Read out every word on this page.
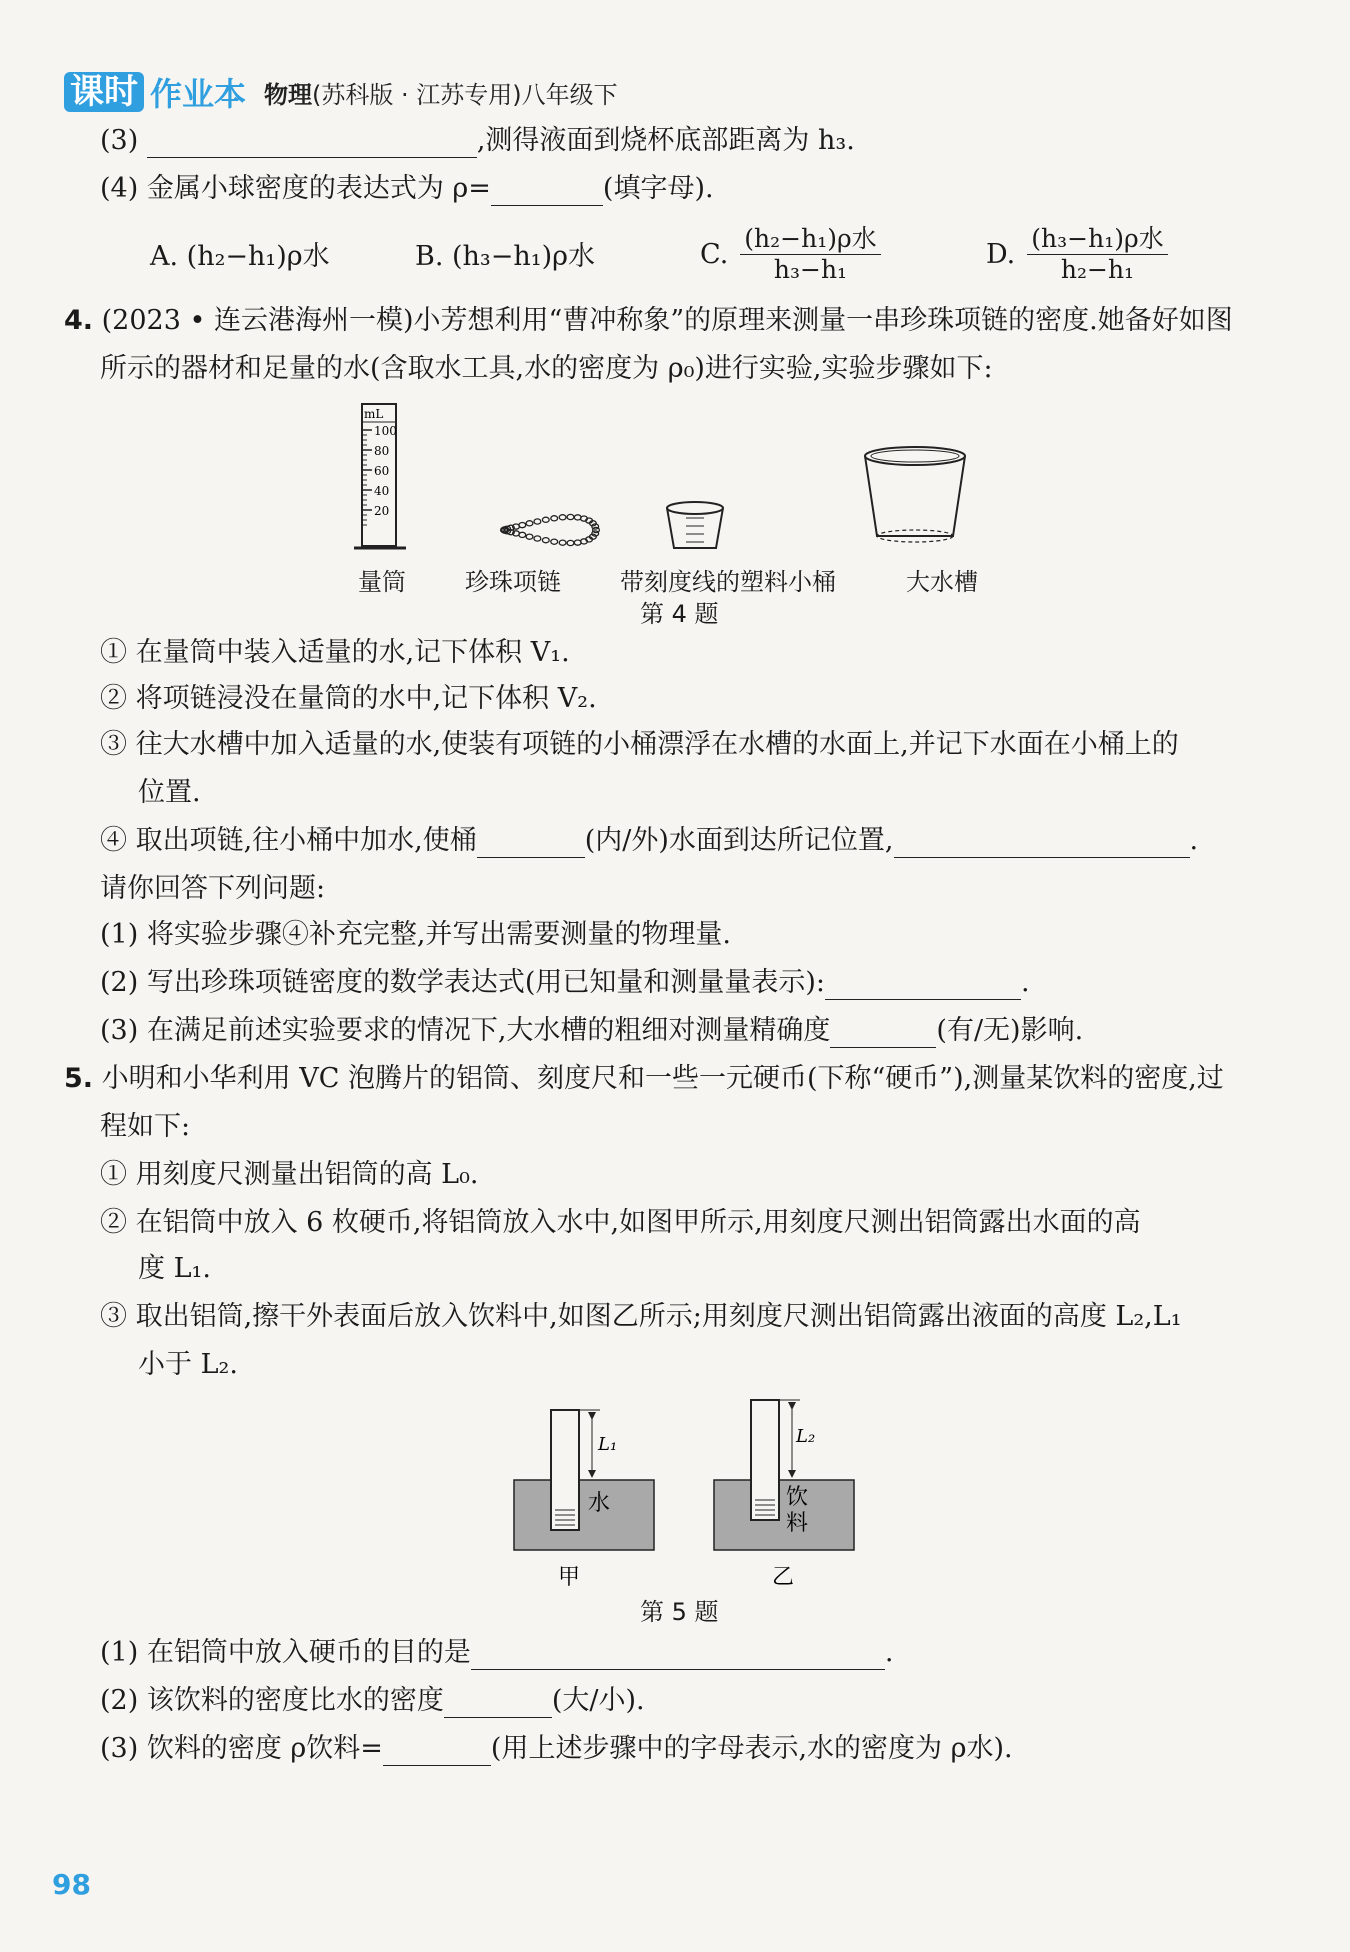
课时 作业本 物理(苏科版 · 江苏专用)八年级下
(3)	,测得液面到烧杯底部距离为 h₃.
(4) 金属小球密度的表达式为 ρ=	(填字母).
A. (h₂−h₁)ρ水	B. (h₃−h₁)ρ水	C. $\frac{\text{(h₂−h₁)ρ水}}{\text{h₃−h₁}}$	D. $\frac{\text{(h₃−h₁)ρ水}}{\text{h₂−h₁}}$
4. (2023 • 连云港海州一模)小芳想利用“曹冲称象”的原理来测量一串珍珠项链的密度.她备好如图
所示的器材和足量的水(含取水工具,水的密度为 ρ₀)进行实验,实验步骤如下:
mL
100
80
60
40
20
量筒 珍珠项链 带刻度线的塑料小桶	大水槽
第 4 题
① 在量筒中装入适量的水,记下体积 V₁.
② 将项链浸没在量筒的水中,记下体积 V₂.
③ 往大水槽中加入适量的水,使装有项链的小桶漂浮在水槽的水面上,并记下水面在小桶上的
位置.
④ 取出项链,往小桶中加水,使桶	(内/外)水面到达所记位置,	.
请你回答下列问题:
(1) 将实验步骤④补充完整,并写出需要测量的物理量.
(2) 写出珍珠项链密度的数学表达式(用已知量和测量量表示):	.
(3) 在满足前述实验要求的情况下,大水槽的粗细对测量精确度	(有/无)影响.
5. 小明和小华利用 VC 泡腾片的铝筒、刻度尺和一些一元硬币(下称“硬币”),测量某饮料的密度,过
程如下:
① 用刻度尺测量出铝筒的高 L₀.
② 在铝筒中放入 6 枚硬币,将铝筒放入水中,如图甲所示,用刻度尺测出铝筒露出水面的高
度 L₁.
③ 取出铝筒,擦干外表面后放入饮料中,如图乙所示;用刻度尺测出铝筒露出液面的高度 L₂,L₁
小于 L₂.
L₁
水
甲
L₂
饮
料
乙
第 5 题
(1) 在铝筒中放入硬币的目的是	.
(2) 该饮料的密度比水的密度	(大/小).
(3) 饮料的密度 ρ饮料=	(用上述步骤中的字母表示,水的密度为 ρ水).
98
